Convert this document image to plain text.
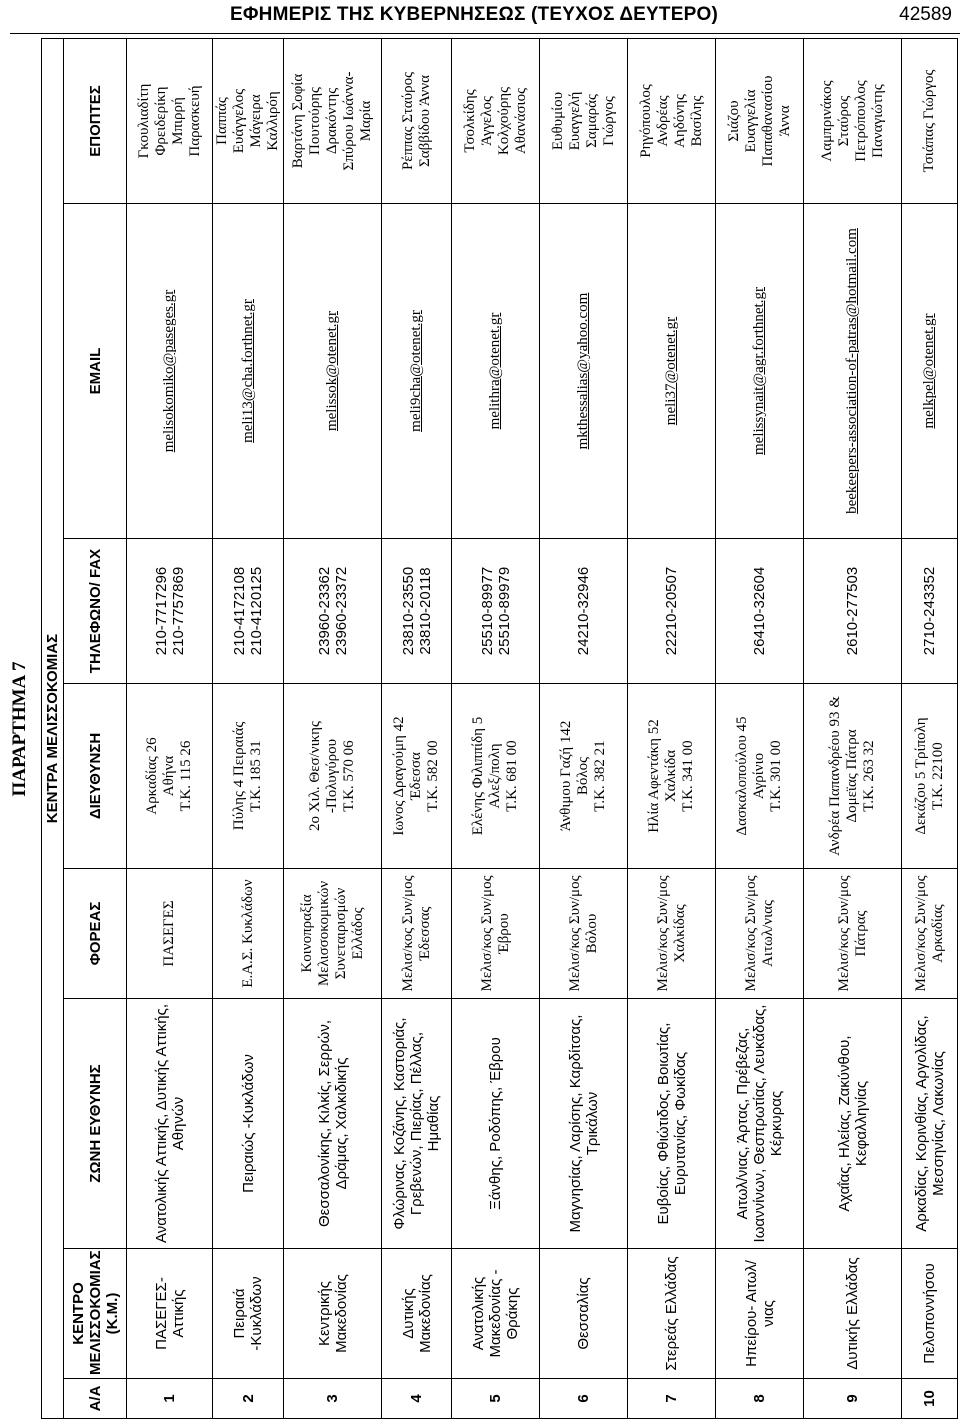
ΕΦΗΜΕΡΙΣ ΤΗΣ ΚΥΒΕΡΝΗΣΕΩΣ (ΤΕΥΧΟΣ ΔΕΥΤΕΡΟ)	42589
ΠΑΡΑΡΤΗΜΑ 7 ΚΕΝΤΡΑ ΜΕΛΙΣΣΟΚΟΜΙΑΣ							
Α/Α	ΚΕΝΤΡΟ ΜΕΛΙΣΣΟΚΟΜΙΑΣ (Κ.Μ.)	ΖΩΝΗ ΕΥΘΥΝΗΣ	ΦΟΡΕΑΣ	ΔΙΕΥΘΥΝΣΗ	ΤΗΛΕΦΩΝΟ/ FAX	EMAIL	ΕΠΟΠΤΕΣ
1	ΠΑΣΕΓΕΣ- Αττικής	Ανατολικής Αττικής, Δυτικής Αττικής, Αθηνών	ΠΑΣΕΓΕΣ	Αρκαδίας 26
Αθήνα
Τ.Κ. 115 26	210-7717296
210-7757869	melisokomiko@paseges.gr	Γκουλιαδίτη
Φρειδερίκη
Μπιρρή
Παρασκευή
2	Πειραιά -Κυκλάδων	Πειραιώς -Κυκλάδων	Ε.Α.Σ. Κυκλάδων	Πύλης 4 Πειραιάς
Τ.Κ. 185 31	210-4172108
210-4120125	meli13@cha.forthnet.gr	Παππάς
Ευάγγελος
Μάγειρα
Καλλιρόη
3	Κεντρικής Μακεδονίας	Θεσσαλονίκης, Κιλκίς, Σερρών, Δράμας, Χαλκιδικής	Κοινοπραξία Μελισσοκομικών Συνεταιρισμών Ελλάδος	2ο Χιλ. Θεσ/νικης -Πολυγύρου
Τ.Κ. 570 06	23960-23362
23960-23372	melissok@otenet.gr	Βαρτάνη Σοφία
Πουτούρης
Δρακόντης
Σπύρου Ιωάννα-
Μαρία
4	Δυτικής Μακεδονίας	Φλώρινας, Κοζάνης, Καστοριάς, Γρεβενών, Πιερίας, Πέλλας, Ημαθίας	Μελισ/κος Συν/μος Έδεσσας	Ιωνος Δραγούμη 42
Έδεσσα
Τ.Κ. 582 00	23810-23550
23810-20118	meli9cha@otenet.gr	Ρέππας Σταύρος
Σαββίδου Άννα
5	Ανατολικής Μακεδονίας - Θράκης	Ξάνθης, Ροδόπης, Έβρου	Μελισ/κος Συν/μος Έβρου	Ελένης Φιλιππίδη 5
Αλεξ/πολη
Τ.Κ. 681 00	25510-89977
25510-89979	melithra@otenet.gr	Τσολκίδης
Άγγελος
Κολχούρης
Αθανάσιος
6	Θεσσαλίας	Μαγνησίας, Λαρίσης, Καρδίτσας, Τρικάλων	Μελισ/κος Συν/μος Βόλου	Άνθιμου Γαζή 142
Βόλος
Τ.Κ. 382 21	24210-32946	mkthessalias@yahoo.com	Ευθυμίου
Ευαγγελή
Σαμαράς
Γιώργος
7	Στερεάς Ελλάδας	Ευβοίας, Φθιώτιδος, Βοιωτίας, Ευρυτανίας, Φωκίδας	Μελισ/κος Συν/μος Χαλκίδας	Ηλία Αφεντάκη 52
Χαλκίδα
Τ.Κ. 341 00	22210-20507	meli37@otenet.gr	Ρηγόπουλος
Ανδρέας
Αηδόνης
Βασίλης
8	Ηπείρου- Αιτωλ/νιας	Αιτωλ/νιας, Άρτας, Πρέβεζας, Ιωαννίνων, Θεσπρωτίας, Λευκάδας, Κέρκυρας	Μελισ/κος Συν/μος Αιτωλ/νιας	Δασκαλοπούλου 45
Αγρίνιο
Τ.Κ. 301 00	26410-32604	melissynait@agr.forthnet.gr	Σιάζου
Ευαγγελία
Παπαθανασίου
Άννα
9	Δυτικής Ελλάδας	Αχαΐας, Ηλείας, Ζακύνθου, Κεφαλληνίας	Μελισ/κος Συν/μος Πάτρας	Ανδρέα Παπανδρέου 93 &
Δομεϊας Πάτρα
Τ.Κ. 263 32	2610-277503	beekeepers-association-of-patras@hotmail.com	Λαμπρινάκος
Σταύρος
Πετρόπουλος
Παναγιώτης
10	Πελοποννήσου	Αρκαδίας, Κορινθίας, Αργολίδας, Μεσσηνίας, Λακωνίας	Μελισ/κος Συν/μος Αρκαδίας	Δεκάζου 5 Τρίπολη
Τ.Κ. 22100	2710-243352	melkpel@otenet.gr	Τσιάπας Γιώργος
